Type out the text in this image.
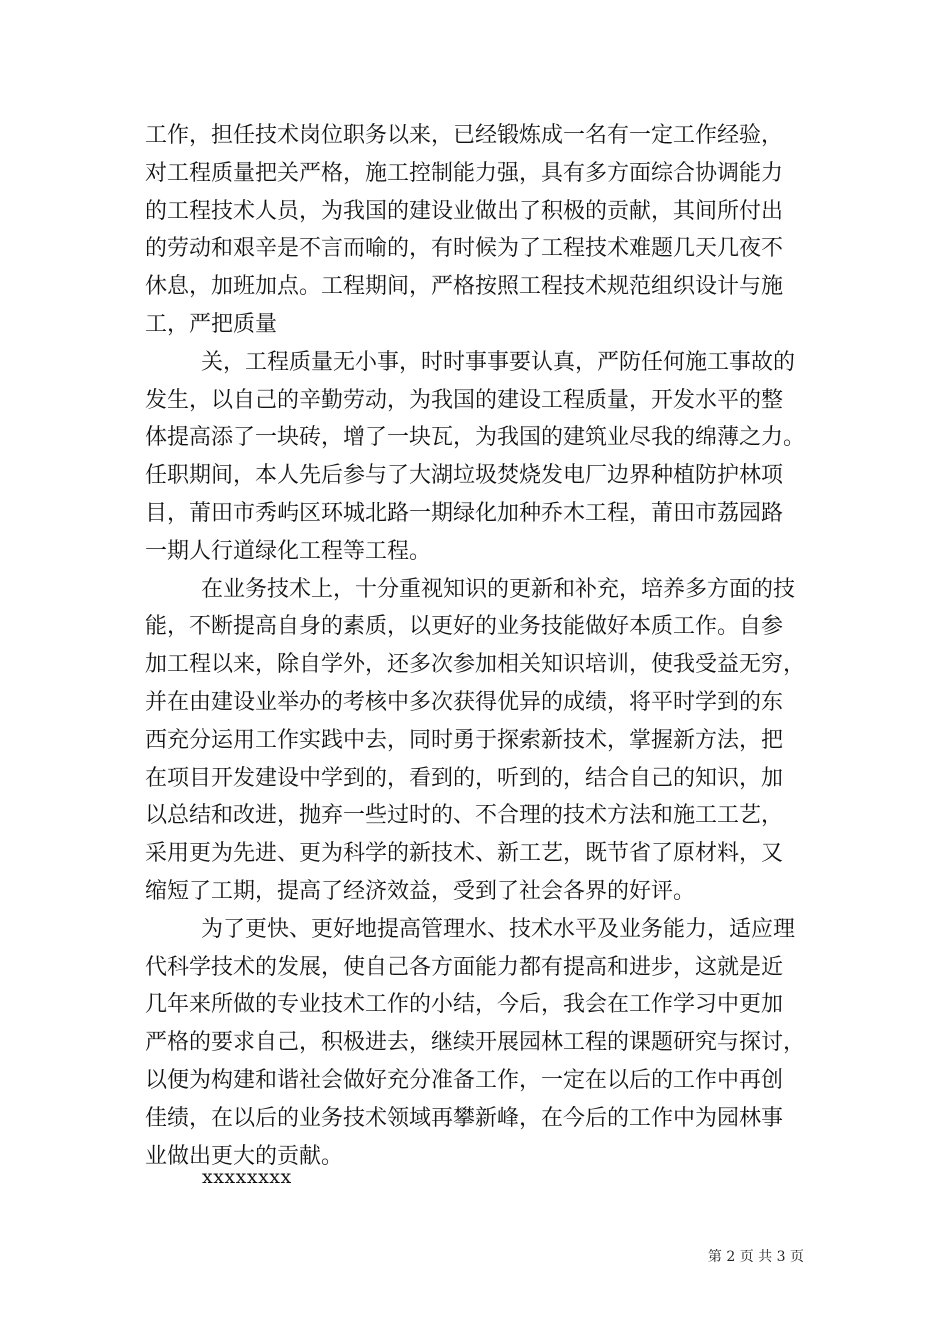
工作，担任技术岗位职务以来，已经锻炼成一名有一定工作经验，
对工程质量把关严格，施工控制能力强，具有多方面综合协调能力
的工程技术人员，为我国的建设业做出了积极的贡献，其间所付出
的劳动和艰辛是不言而喻的，有时候为了工程技术难题几天几夜不
休息，加班加点。工程期间，严格按照工程技术规范组织设计与施
工，严把质量
关，工程质量无小事，时时事事要认真，严防任何施工事故的
发生，以自己的辛勤劳动，为我国的建设工程质量，开发水平的整
体提高添了一块砖，增了一块瓦，为我国的建筑业尽我的绵薄之力。
任职期间，本人先后参与了大湖垃圾焚烧发电厂边界种植防护林项
目，莆田市秀屿区环城北路一期绿化加种乔木工程，莆田市荔园路
一期人行道绿化工程等工程。
在业务技术上，十分重视知识的更新和补充，培养多方面的技
能，不断提高自身的素质，以更好的业务技能做好本质工作。自参
加工程以来，除自学外，还多次参加相关知识培训，使我受益无穷，
并在由建设业举办的考核中多次获得优异的成绩，将平时学到的东
西充分运用工作实践中去，同时勇于探索新技术，掌握新方法，把
在项目开发建设中学到的，看到的，听到的，结合自己的知识，加
以总结和改进，抛弃一些过时的、不合理的技术方法和施工工艺，
采用更为先进、更为科学的新技术、新工艺，既节省了原材料，又
缩短了工期，提高了经济效益，受到了社会各界的好评。
为了更快、更好地提高管理水、技术水平及业务能力，适应理
代科学技术的发展，使自己各方面能力都有提高和进步，这就是近
几年来所做的专业技术工作的小结，今后，我会在工作学习中更加
严格的要求自己，积极进去，继续开展园林工程的课题研究与探讨，
以便为构建和谐社会做好充分准备工作，一定在以后的工作中再创
佳绩，在以后的业务技术领域再攀新峰，在今后的工作中为园林事
业做出更大的贡献。
xxxxxxxx
第 2 页 共 3 页
